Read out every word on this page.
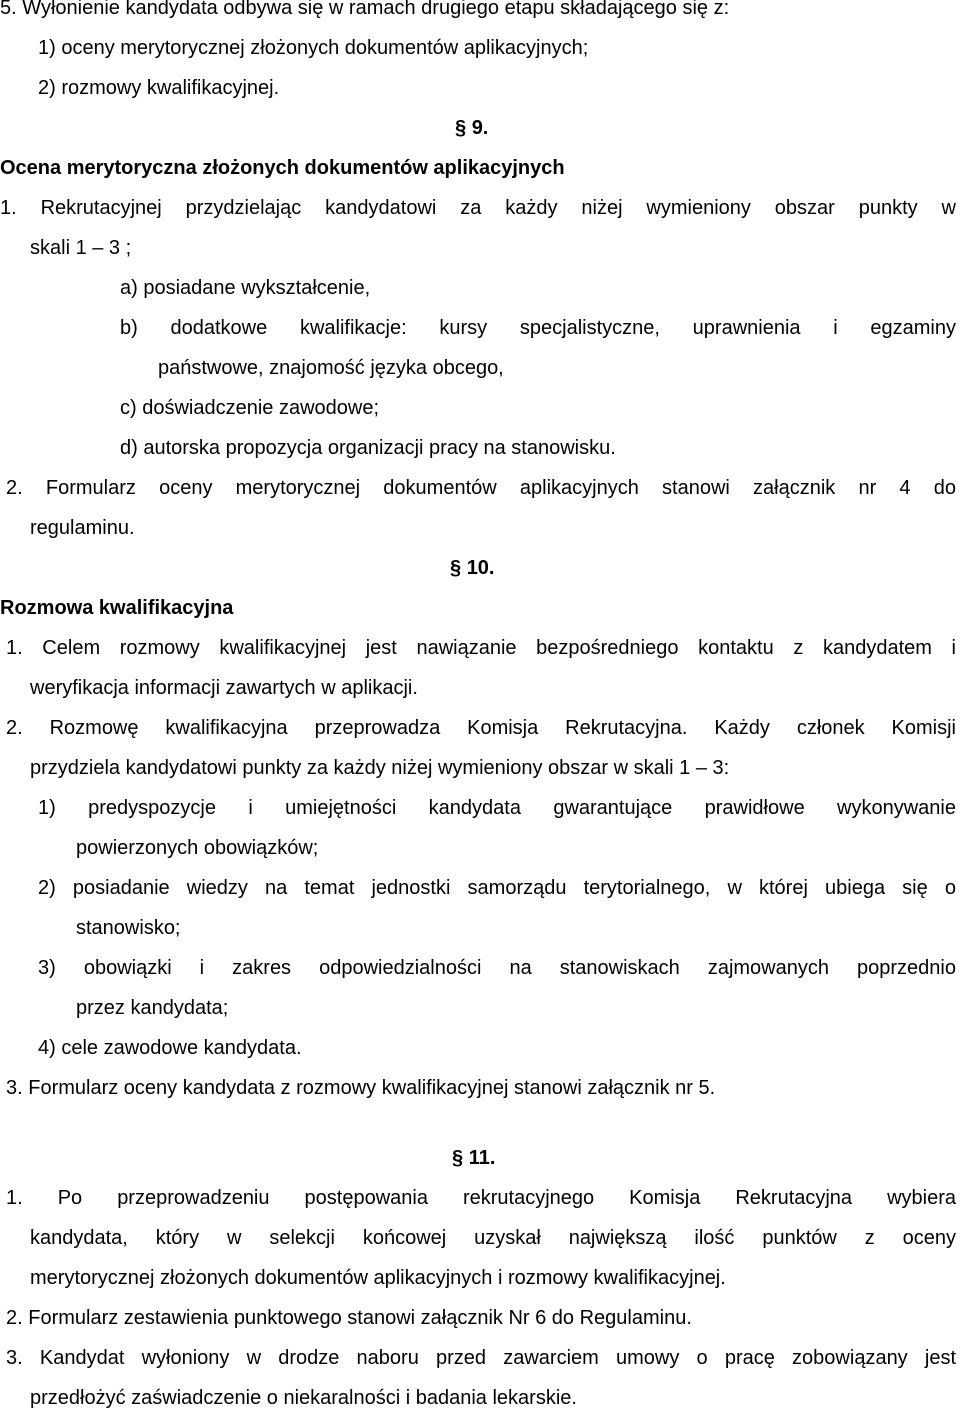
5. Wyłonienie kandydata odbywa się w ramach drugiego etapu składającego się z:
1) oceny merytorycznej złożonych dokumentów aplikacyjnych;
2) rozmowy kwalifikacyjnej.
§ 9.
Ocena merytoryczna złożonych dokumentów aplikacyjnych
1. Rekrutacyjnej przydzielając kandydatowi za każdy niżej wymieniony obszar punkty w
skali 1 – 3 ;
a) posiadane wykształcenie,
b) dodatkowe kwalifikacje: kursy specjalistyczne, uprawnienia i egzaminy
państwowe, znajomość języka obcego,
c) doświadczenie zawodowe;
d) autorska propozycja organizacji pracy na stanowisku.
2. Formularz oceny merytorycznej dokumentów aplikacyjnych stanowi załącznik nr 4 do
regulaminu.
§ 10.
Rozmowa kwalifikacyjna
1. Celem rozmowy kwalifikacyjnej jest nawiązanie bezpośredniego kontaktu z kandydatem i
weryfikacja informacji zawartych w aplikacji.
2. Rozmowę kwalifikacyjna przeprowadza Komisja Rekrutacyjna. Każdy członek Komisji
przydziela kandydatowi punkty za każdy niżej wymieniony obszar w skali 1 – 3:
1) predyspozycje i umiejętności kandydata gwarantujące prawidłowe wykonywanie
powierzonych obowiązków;
2) posiadanie wiedzy na temat jednostki samorządu terytorialnego, w której ubiega się o
stanowisko;
3) obowiązki i zakres odpowiedzialności na stanowiskach zajmowanych poprzednio
przez kandydata;
4) cele zawodowe kandydata.
3. Formularz oceny kandydata z rozmowy kwalifikacyjnej stanowi załącznik nr 5.
§ 11.
1. Po przeprowadzeniu postępowania rekrutacyjnego Komisja Rekrutacyjna wybiera
kandydata, który w selekcji końcowej uzyskał największą ilość punktów z oceny
merytorycznej złożonych dokumentów aplikacyjnych i rozmowy kwalifikacyjnej.
2. Formularz zestawienia punktowego stanowi załącznik Nr 6 do Regulaminu.
3. Kandydat wyłoniony w drodze naboru przed zawarciem umowy o pracę zobowiązany jest
przedłożyć zaświadczenie o niekaralności i badania lekarskie.
